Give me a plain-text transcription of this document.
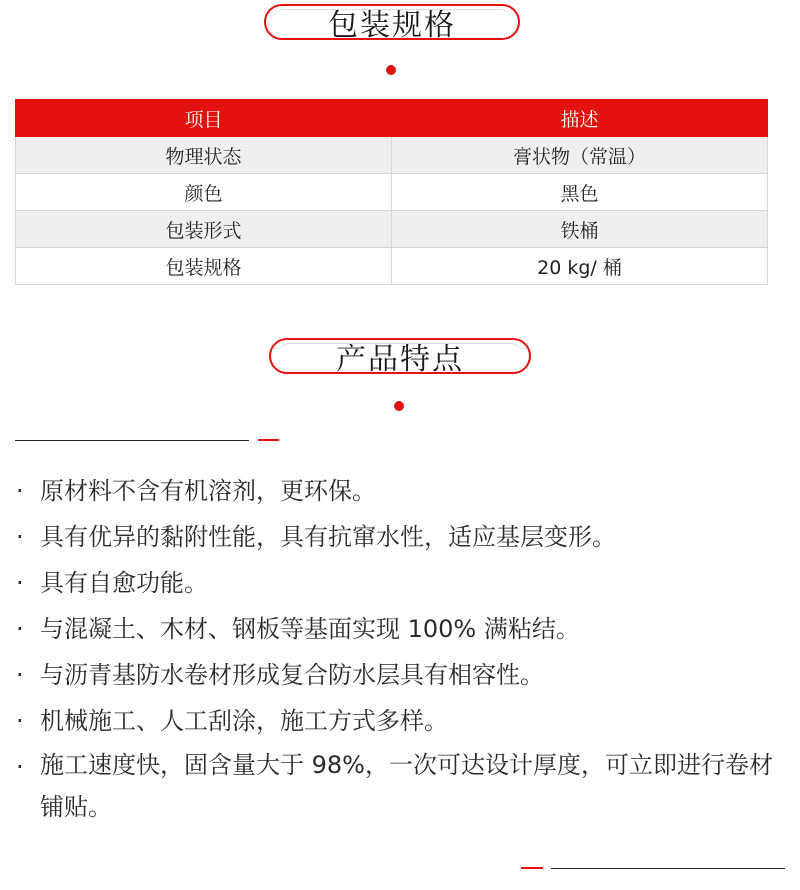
包装规格
项目	描述
物理状态	膏状物（常温）
颜色	黑色
包装形式	铁桶
包装规格	20 kg/ 桶
产品特点
· 原材料不含有机溶剂，更环保。
· 具有优异的黏附性能，具有抗窜水性，适应基层变形。
· 具有自愈功能。
· 与混凝土、木材、钢板等基面实现 100% 满粘结。
· 与沥青基防水卷材形成复合防水层具有相容性。
· 机械施工、人工刮涂，施工方式多样。
· 施工速度快，固含量大于 98%，一次可达设计厚度，可立即进行卷材铺贴。
